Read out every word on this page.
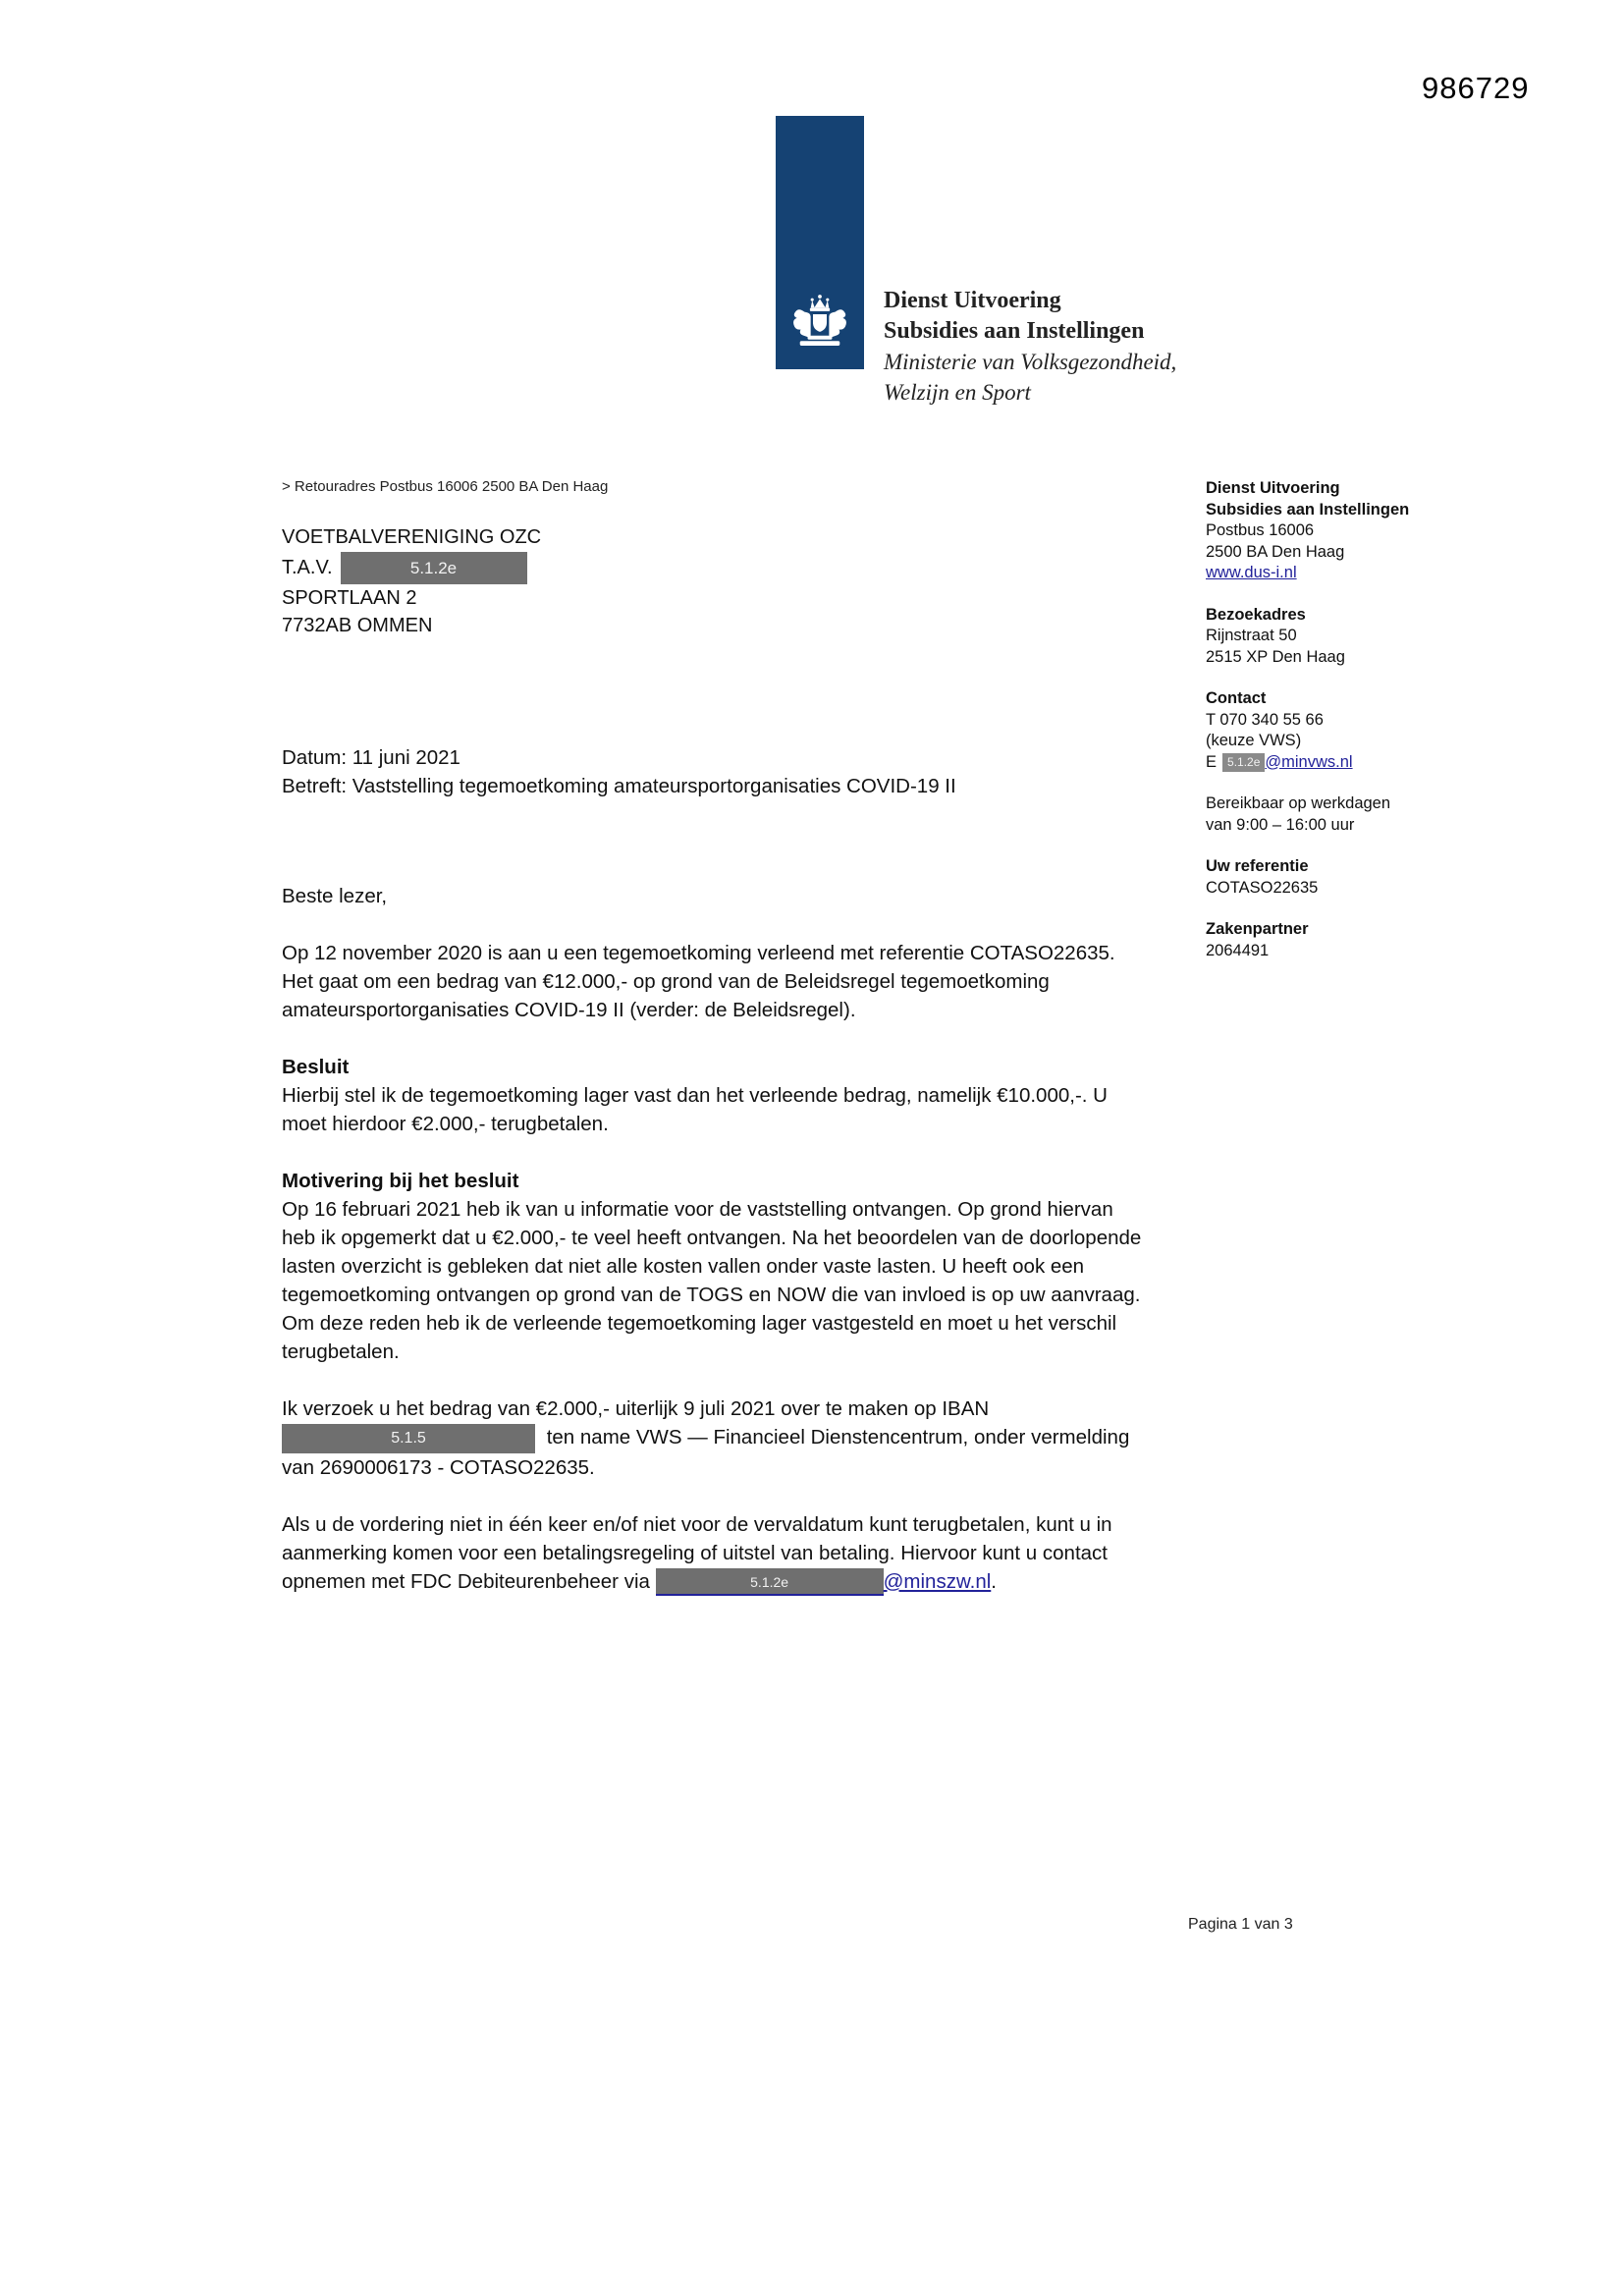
986729
Dienst Uitvoering
Subsidies aan Instellingen
Ministerie van Volksgezondheid,
Welzijn en Sport
> Retouradres Postbus 16006 2500 BA Den Haag
VOETBALVERENIGING OZC
T.A.V.	5.1.2e
SPORTLAAN 2
7732AB OMMEN
Datum: 11 juni 2021
Betreft: Vaststelling tegemoetkoming amateursportorganisaties COVID-19 II
Beste lezer,
Op 12 november 2020 is aan u een tegemoetkoming verleend met referentie COTASO22635. Het gaat om een bedrag van €12.000,- op grond van de Beleidsregel tegemoetkoming amateursportorganisaties COVID-19 II (verder: de Beleidsregel).
Besluit
Hierbij stel ik de tegemoetkoming lager vast dan het verleende bedrag, namelijk €10.000,-. U moet hierdoor €2.000,- terugbetalen.
Motivering bij het besluit
Op 16 februari 2021 heb ik van u informatie voor de vaststelling ontvangen. Op grond hiervan heb ik opgemerkt dat u €2.000,- te veel heeft ontvangen. Na het beoordelen van de doorlopende lasten overzicht is gebleken dat niet alle kosten vallen onder vaste lasten. U heeft ook een tegemoetkoming ontvangen op grond van de TOGS en NOW die van invloed is op uw aanvraag. Om deze reden heb ik de verleende tegemoetkoming lager vastgesteld en moet u het verschil terugbetalen.
Ik verzoek u het bedrag van €2.000,- uiterlijk 9 juli 2021 over te maken op IBAN 5.1.5	ten name VWS — Financieel Dienstencentrum, onder vermelding van 2690006173 - COTASO22635.
Als u de vordering niet in één keer en/of niet voor de vervaldatum kunt terugbetalen, kunt u in aanmerking komen voor een betalingsregeling of uitstel van betaling. Hiervoor kunt u contact opnemen met FDC Debiteurenbeheer via	5.1.2e	@minszw.nl.
Dienst Uitvoering
Subsidies aan Instellingen
Postbus 16006
2500 BA Den Haag
www.dus-i.nl
Bezoekadres
Rijnstraat 50
2515 XP Den Haag
Contact
T 070 340 55 66
(keuze VWS)
E 5.1.2e @minvws.nl
Bereikbaar op werkdagen
van 9:00 – 16:00 uur
Uw referentie
COTASO22635
Zakenpartner
2064491
Pagina 1 van 3
